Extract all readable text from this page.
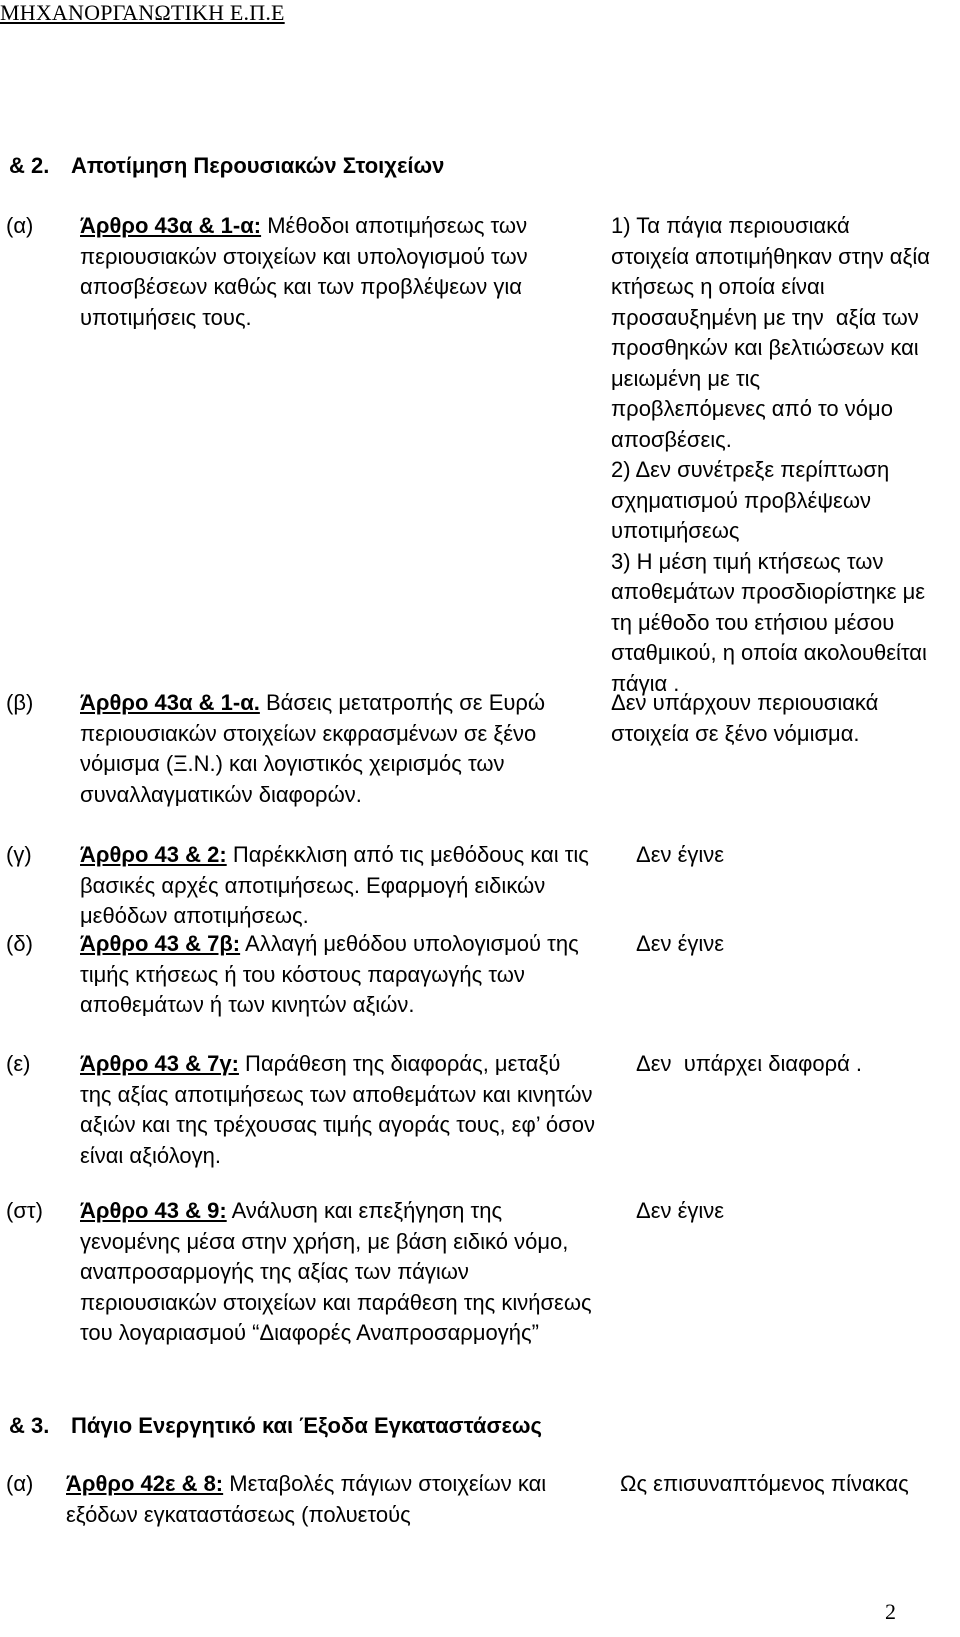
ΜΗΧΑΝΟΡΓΑΝΩΤΙΚΗ Ε.Π.Ε
& 2. Αποτίμηση Περουσιακών Στοιχείων
(α) Άρθρο 43α & 1-α: Μέθοδοι αποτιμήσεως των περιουσιακών στοιχείων και υπολογισμού των αποσβέσεων καθώς και των προβλέψεων για υποτιμήσεις τους.
1) Τα πάγια περιουσιακά στοιχεία αποτιμήθηκαν στην αξία κτήσεως η οποία είναι προσαυξημένη με την  αξία των προσθηκών και βελτιώσεων και  μειωμένη με τις   προβλεπόμενες από το νόμο αποσβέσεις.
2) Δεν συνέτρεξε περίπτωση σχηματισμού προβλέψεων υποτιμήσεως
3) Η μέση τιμή κτήσεως των αποθεμάτων προσδιορίστηκε με τη μέθοδο του ετήσιου μέσου σταθμικού, η οποία ακολουθείται πάγια .
(β) Άρθρο 43α & 1-α. Βάσεις μετατροπής σε Ευρώ περιουσιακών στοιχείων εκφρασμένων σε ξένο νόμισμα (Ξ.Ν.) και λογιστικός χειρισμός των συναλλαγματικών διαφορών.
Δεν υπάρχουν περιουσιακά στοιχεία σε ξένο νόμισμα.
(γ) Άρθρο 43 & 2: Παρέκκλιση από τις μεθόδους και τις βασικές αρχές αποτιμήσεως. Εφαρμογή ειδικών μεθόδων αποτιμήσεως.
Δεν έγινε
(δ) Άρθρο 43 & 7β: Αλλαγή μεθόδου υπολογισμού της τιμής κτήσεως ή του κόστους παραγωγής των αποθεμάτων ή των κινητών αξιών.
Δεν έγινε
(ε) Άρθρο 43 & 7γ: Παράθεση της διαφοράς, μεταξύ της αξίας αποτιμήσεως των αποθεμάτων και κινητών αξιών και της τρέχουσας τιμής αγοράς τους, εφ’ όσον είναι αξιόλογη.
Δεν  υπάρχει διαφορά .
(στ) Άρθρο 43 & 9: Ανάλυση και επεξήγηση της γενομένης μέσα στην χρήση, με βάση ειδικό νόμο, αναπροσαρμογής της αξίας των πάγιων περιουσιακών στοιχείων και παράθεση της κινήσεως του λογαριασμού “Διαφορές Αναπροσαρμογής”
Δεν έγινε
& 3. Πάγιο Ενεργητικό και Έξοδα Εγκαταστάσεως
(α) Άρθρο 42ε & 8: Μεταβολές πάγιων στοιχείων και εξόδων εγκαταστάσεως (πολυετούς
Ως επισυναπτόμενος πίνακας
2
